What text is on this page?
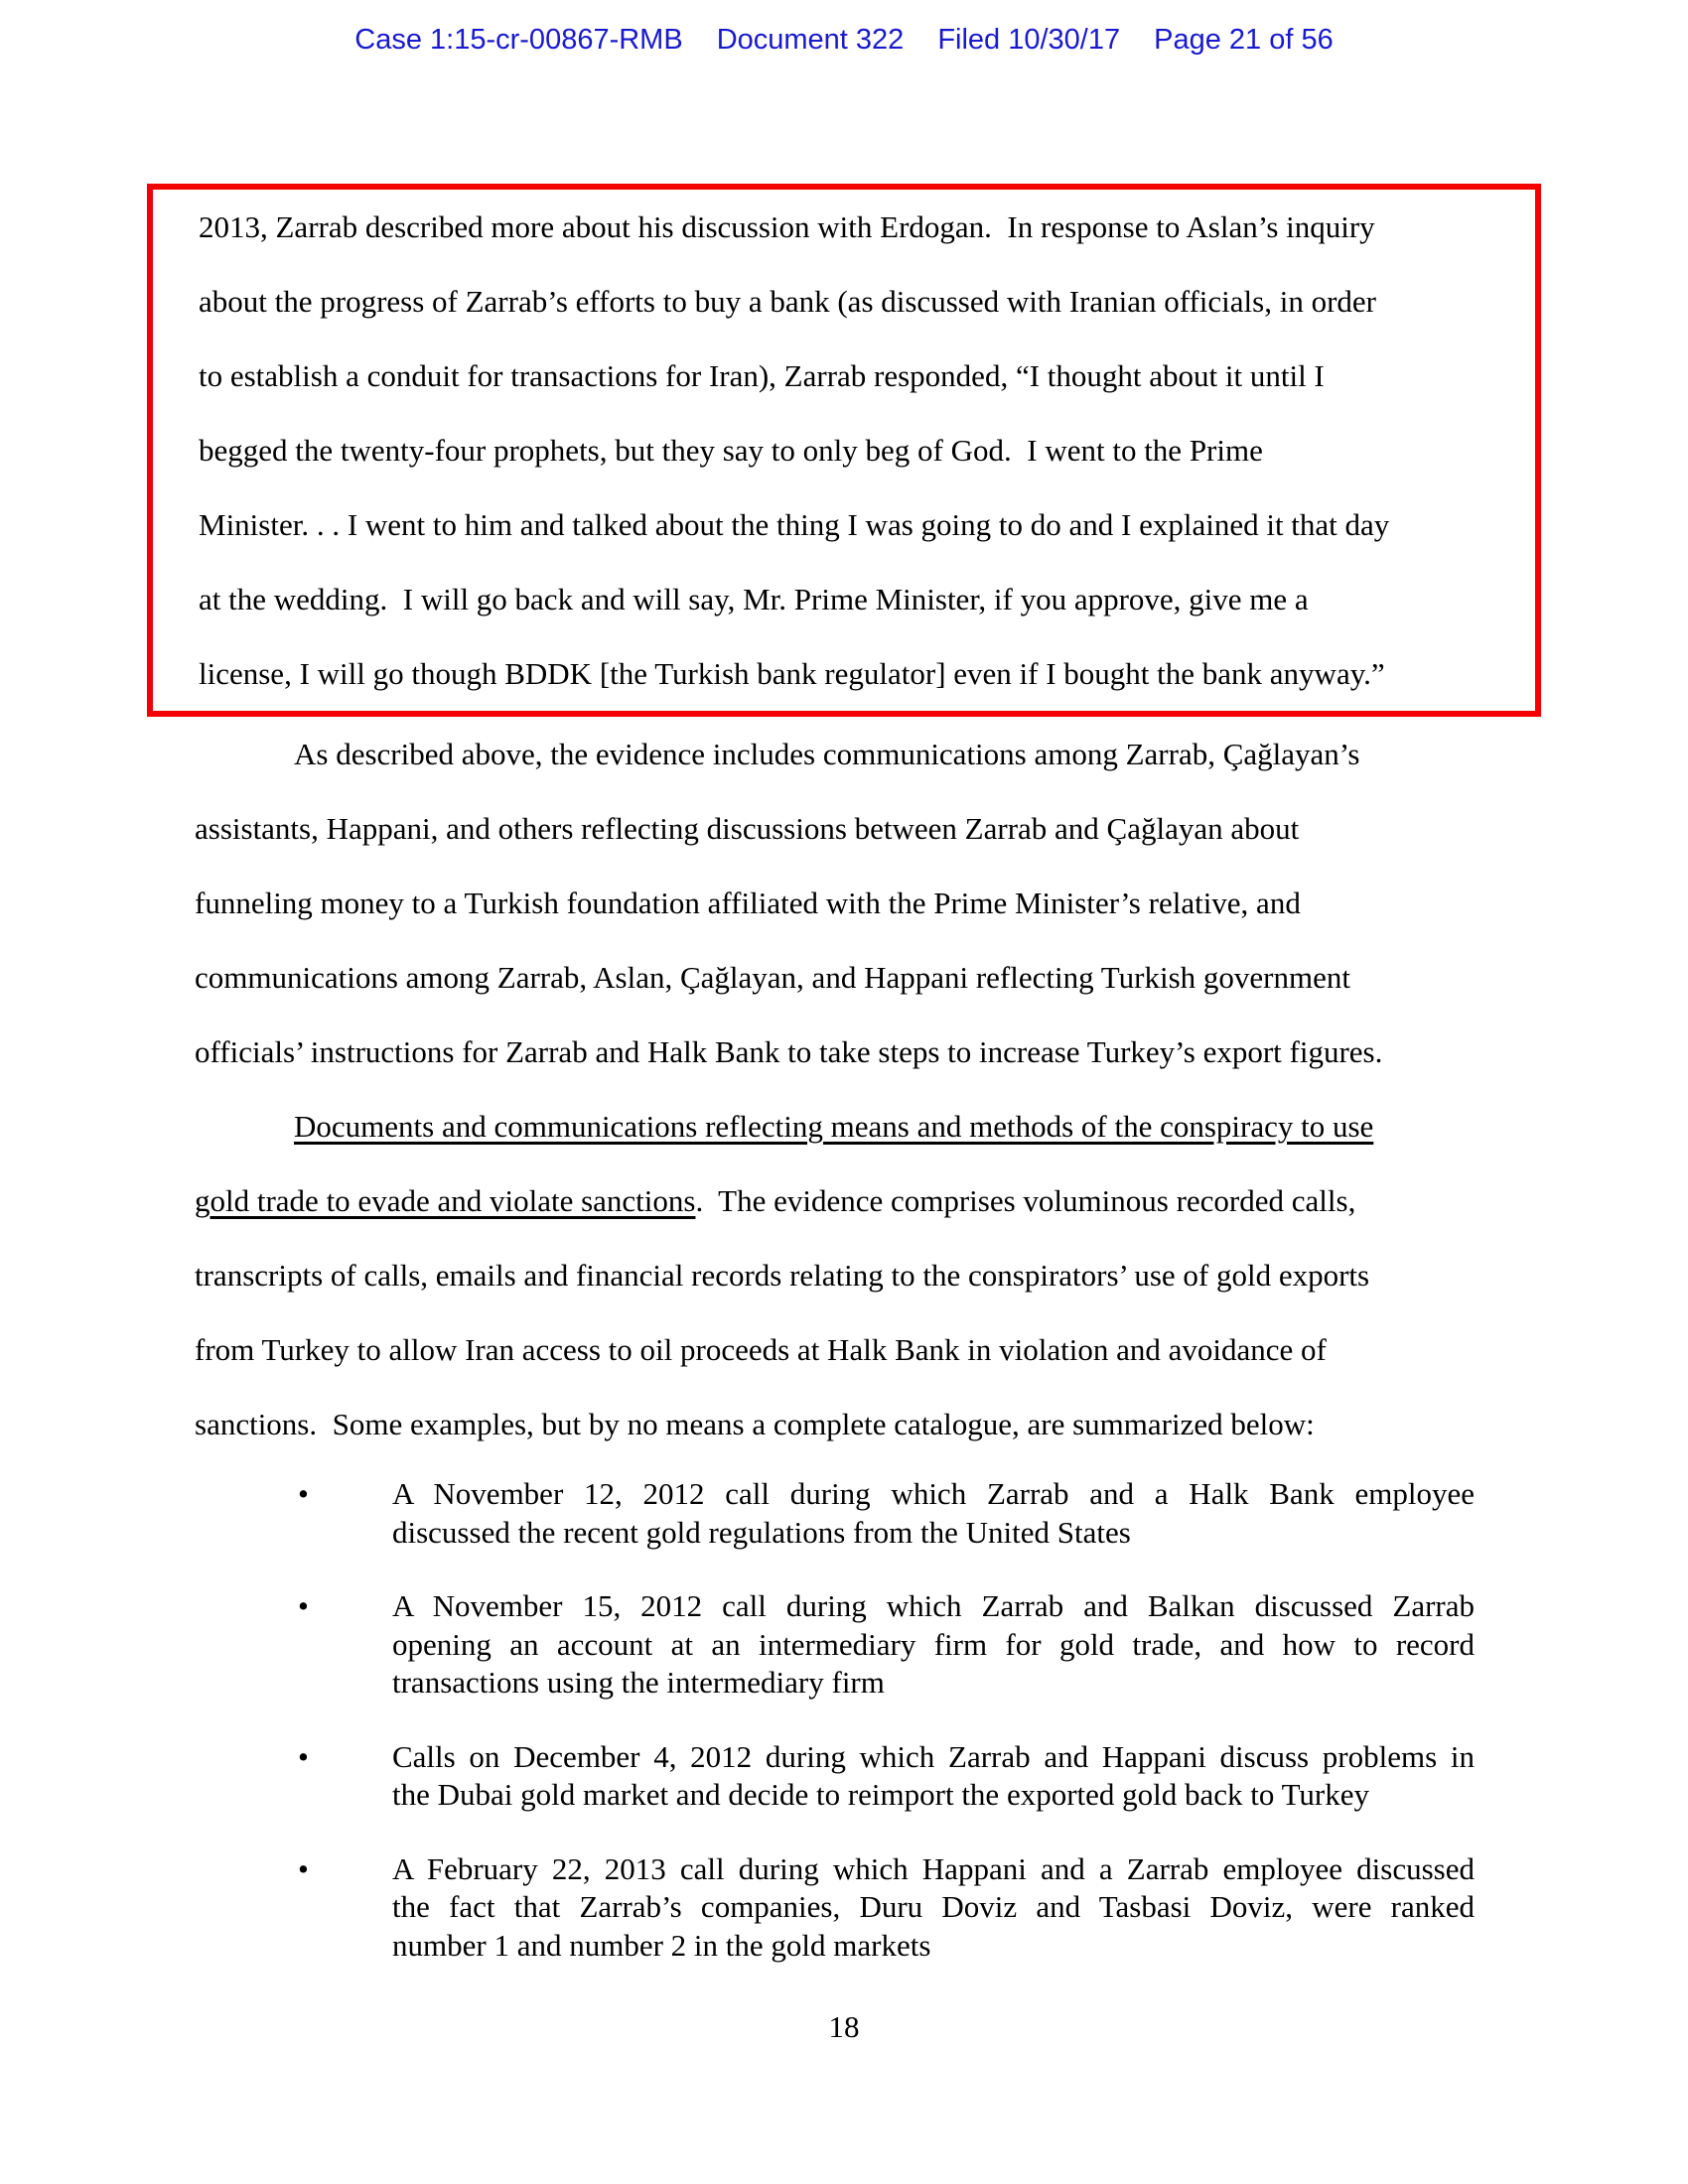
Case 1:15-cr-00867-RMB Document 322 Filed 10/30/17 Page 21 of 56
2013, Zarrab described more about his discussion with Erdogan.  In response to Aslan’s inquiry
about the progress of Zarrab’s efforts to buy a bank (as discussed with Iranian officials, in order
to establish a conduit for transactions for Iran), Zarrab responded, “I thought about it until I
begged the twenty-four prophets, but they say to only beg of God.  I went to the Prime
Minister. . . I went to him and talked about the thing I was going to do and I explained it that day
at the wedding.  I will go back and will say, Mr. Prime Minister, if you approve, give me a
license, I will go though BDDK [the Turkish bank regulator] even if I bought the bank anyway.”
As described above, the evidence includes communications among Zarrab, Çağlayan’s
assistants, Happani, and others reflecting discussions between Zarrab and Çağlayan about
funneling money to a Turkish foundation affiliated with the Prime Minister’s relative, and
communications among Zarrab, Aslan, Çağlayan, and Happani reflecting Turkish government
officials’ instructions for Zarrab and Halk Bank to take steps to increase Turkey’s export figures.
Documents and communications reflecting means and methods of the conspiracy to use
gold trade to evade and violate sanctions.  The evidence comprises voluminous recorded calls,
transcripts of calls, emails and financial records relating to the conspirators’ use of gold exports
from Turkey to allow Iran access to oil proceeds at Halk Bank in violation and avoidance of
sanctions.  Some examples, but by no means a complete catalogue, are summarized below:
•	A November 12, 2012 call during which Zarrab and a Halk Bank employee
discussed the recent gold regulations from the United States
•	A November 15, 2012 call during which Zarrab and Balkan discussed Zarrab
opening an account at an intermediary firm for gold trade, and how to record
transactions using the intermediary firm
•	Calls on December 4, 2012 during which Zarrab and Happani discuss problems in
the Dubai gold market and decide to reimport the exported gold back to Turkey
•	A February 22, 2013 call during which Happani and a Zarrab employee discussed
the fact that Zarrab’s companies, Duru Doviz and Tasbasi Doviz, were ranked
number 1 and number 2 in the gold markets
18
